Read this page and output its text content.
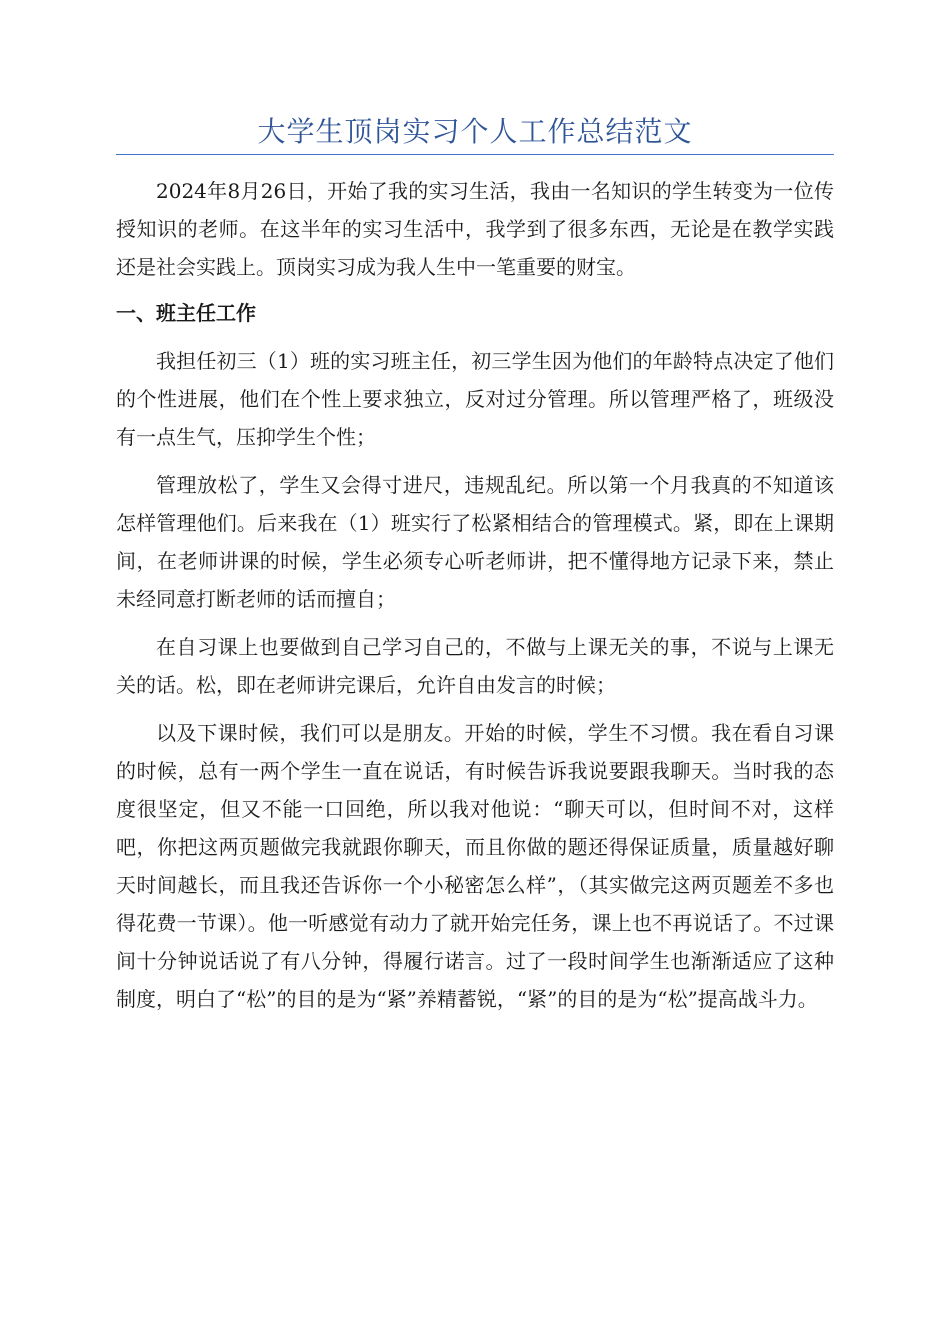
大学生顶岗实习个人工作总结范文

2024年8月26日，开始了我的实习生活，我由一名知识的学生转变为一位传授知识的老师。在这半年的实习生活中，我学到了很多东西，无论是在教学实践还是社会实践上。顶岗实习成为我人生中一笔重要的财宝。

一、班主任工作

我担任初三（1）班的实习班主任，初三学生因为他们的年龄特点决定了他们的个性进展，他们在个性上要求独立，反对过分管理。所以管理严格了，班级没有一点生气，压抑学生个性；

管理放松了，学生又会得寸进尺，违规乱纪。所以第一个月我真的不知道该怎样管理他们。后来我在（1）班实行了松紧相结合的管理模式。紧，即在上课期间，在老师讲课的时候，学生必须专心听老师讲，把不懂得地方记录下来，禁止未经同意打断老师的话而擅自；

在自习课上也要做到自己学习自己的，不做与上课无关的事，不说与上课无关的话。松，即在老师讲完课后，允许自由发言的时候；

以及下课时候，我们可以是朋友。开始的时候，学生不习惯。我在看自习课的时候，总有一两个学生一直在说话，有时候告诉我说要跟我聊天。当时我的态度很坚定，但又不能一口回绝，所以我对他说：“聊天可以，但时间不对，这样吧，你把这两页题做完我就跟你聊天，而且你做的题还得保证质量，质量越好聊天时间越长，而且我还告诉你一个小秘密怎么样”，（其实做完这两页题差不多也得花费一节课）。他一听感觉有动力了就开始完任务，课上也不再说话了。不过课间十分钟说话说了有八分钟，得履行诺言。过了一段时间学生也渐渐适应了这种制度，明白了“松”的目的是为“紧”养精蓄锐，“紧”的目的是为“松”提高战斗力。
